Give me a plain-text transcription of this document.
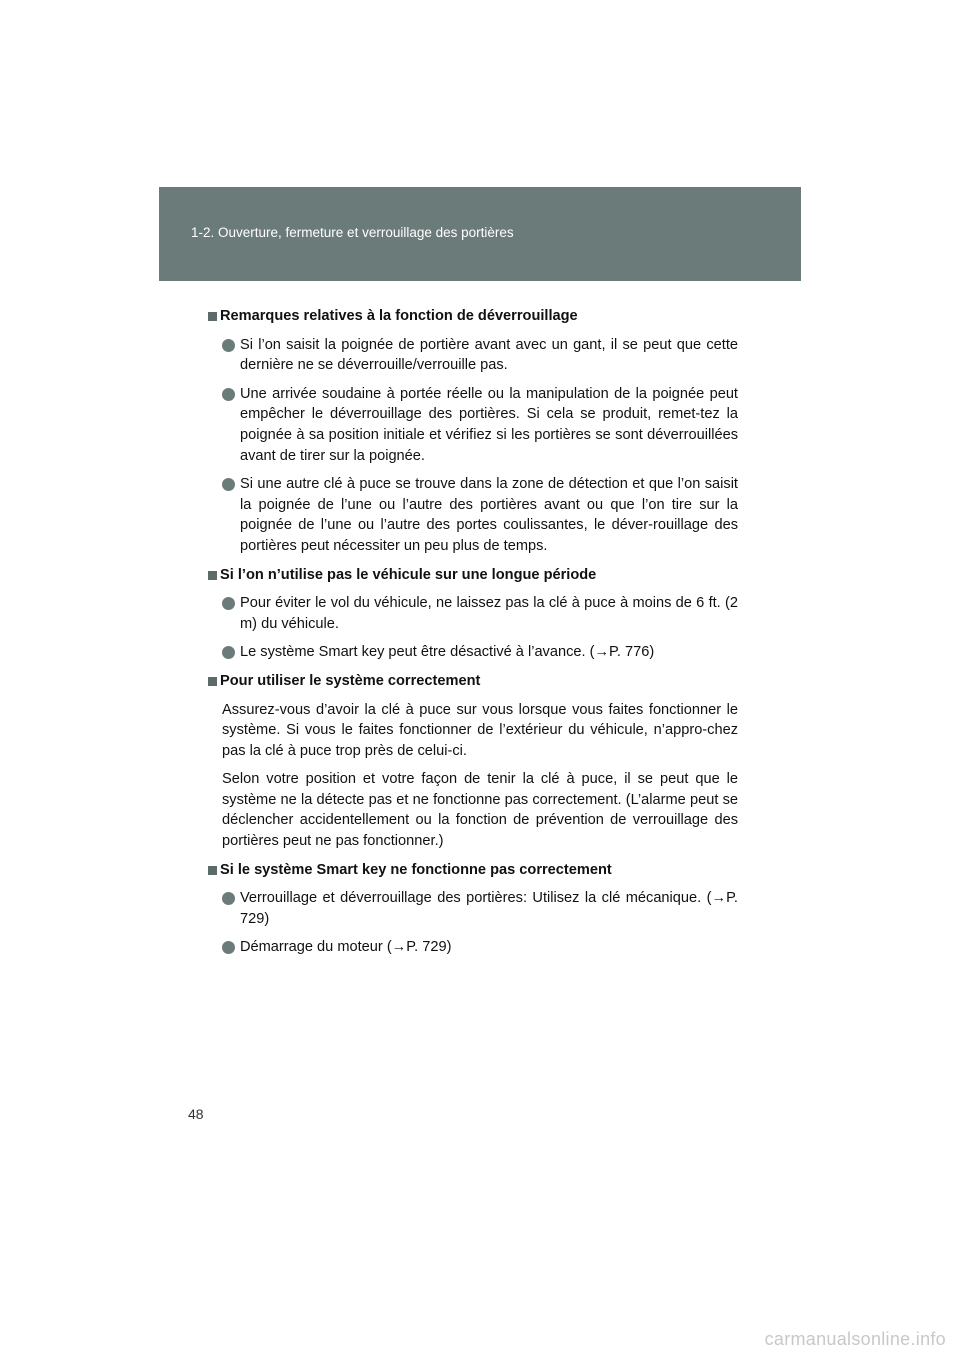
1-2. Ouverture, fermeture et verrouillage des portières
Remarques relatives à la fonction de déverrouillage
Si l’on saisit la poignée de portière avant avec un gant, il se peut que cette dernière ne se déverrouille/verrouille pas.
Une arrivée soudaine à portée réelle ou la manipulation de la poignée peut empêcher le déverrouillage des portières. Si cela se produit, remet-tez la poignée à sa position initiale et vérifiez si les portières se sont déverrouillées avant de tirer sur la poignée.
Si une autre clé à puce se trouve dans la zone de détection et que l’on saisit la poignée de l’une ou l’autre des portières avant ou que l’on tire sur la poignée de l’une ou l’autre des portes coulissantes, le déver-rouillage des portières peut nécessiter un peu plus de temps.
Si l’on n’utilise pas le véhicule sur une longue période
Pour éviter le vol du véhicule, ne laissez pas la clé à puce à moins de 6 ft. (2 m) du véhicule.
Le système Smart key peut être désactivé à l’avance. (→P. 776)
Pour utiliser le système correctement
Assurez-vous d’avoir la clé à puce sur vous lorsque vous faites fonctionner le système. Si vous le faites fonctionner de l’extérieur du véhicule, n’appro-chez pas la clé à puce trop près de celui-ci.
Selon votre position et votre façon de tenir la clé à puce, il se peut que le système ne la détecte pas et ne fonctionne pas correctement. (L’alarme peut se déclencher accidentellement ou la fonction de prévention de verrouillage des portières peut ne pas fonctionner.)
Si le système Smart key ne fonctionne pas correctement
Verrouillage et déverrouillage des portières: Utilisez la clé mécanique. (→P. 729)
Démarrage du moteur (→P. 729)
48
carmanualsonline.info
